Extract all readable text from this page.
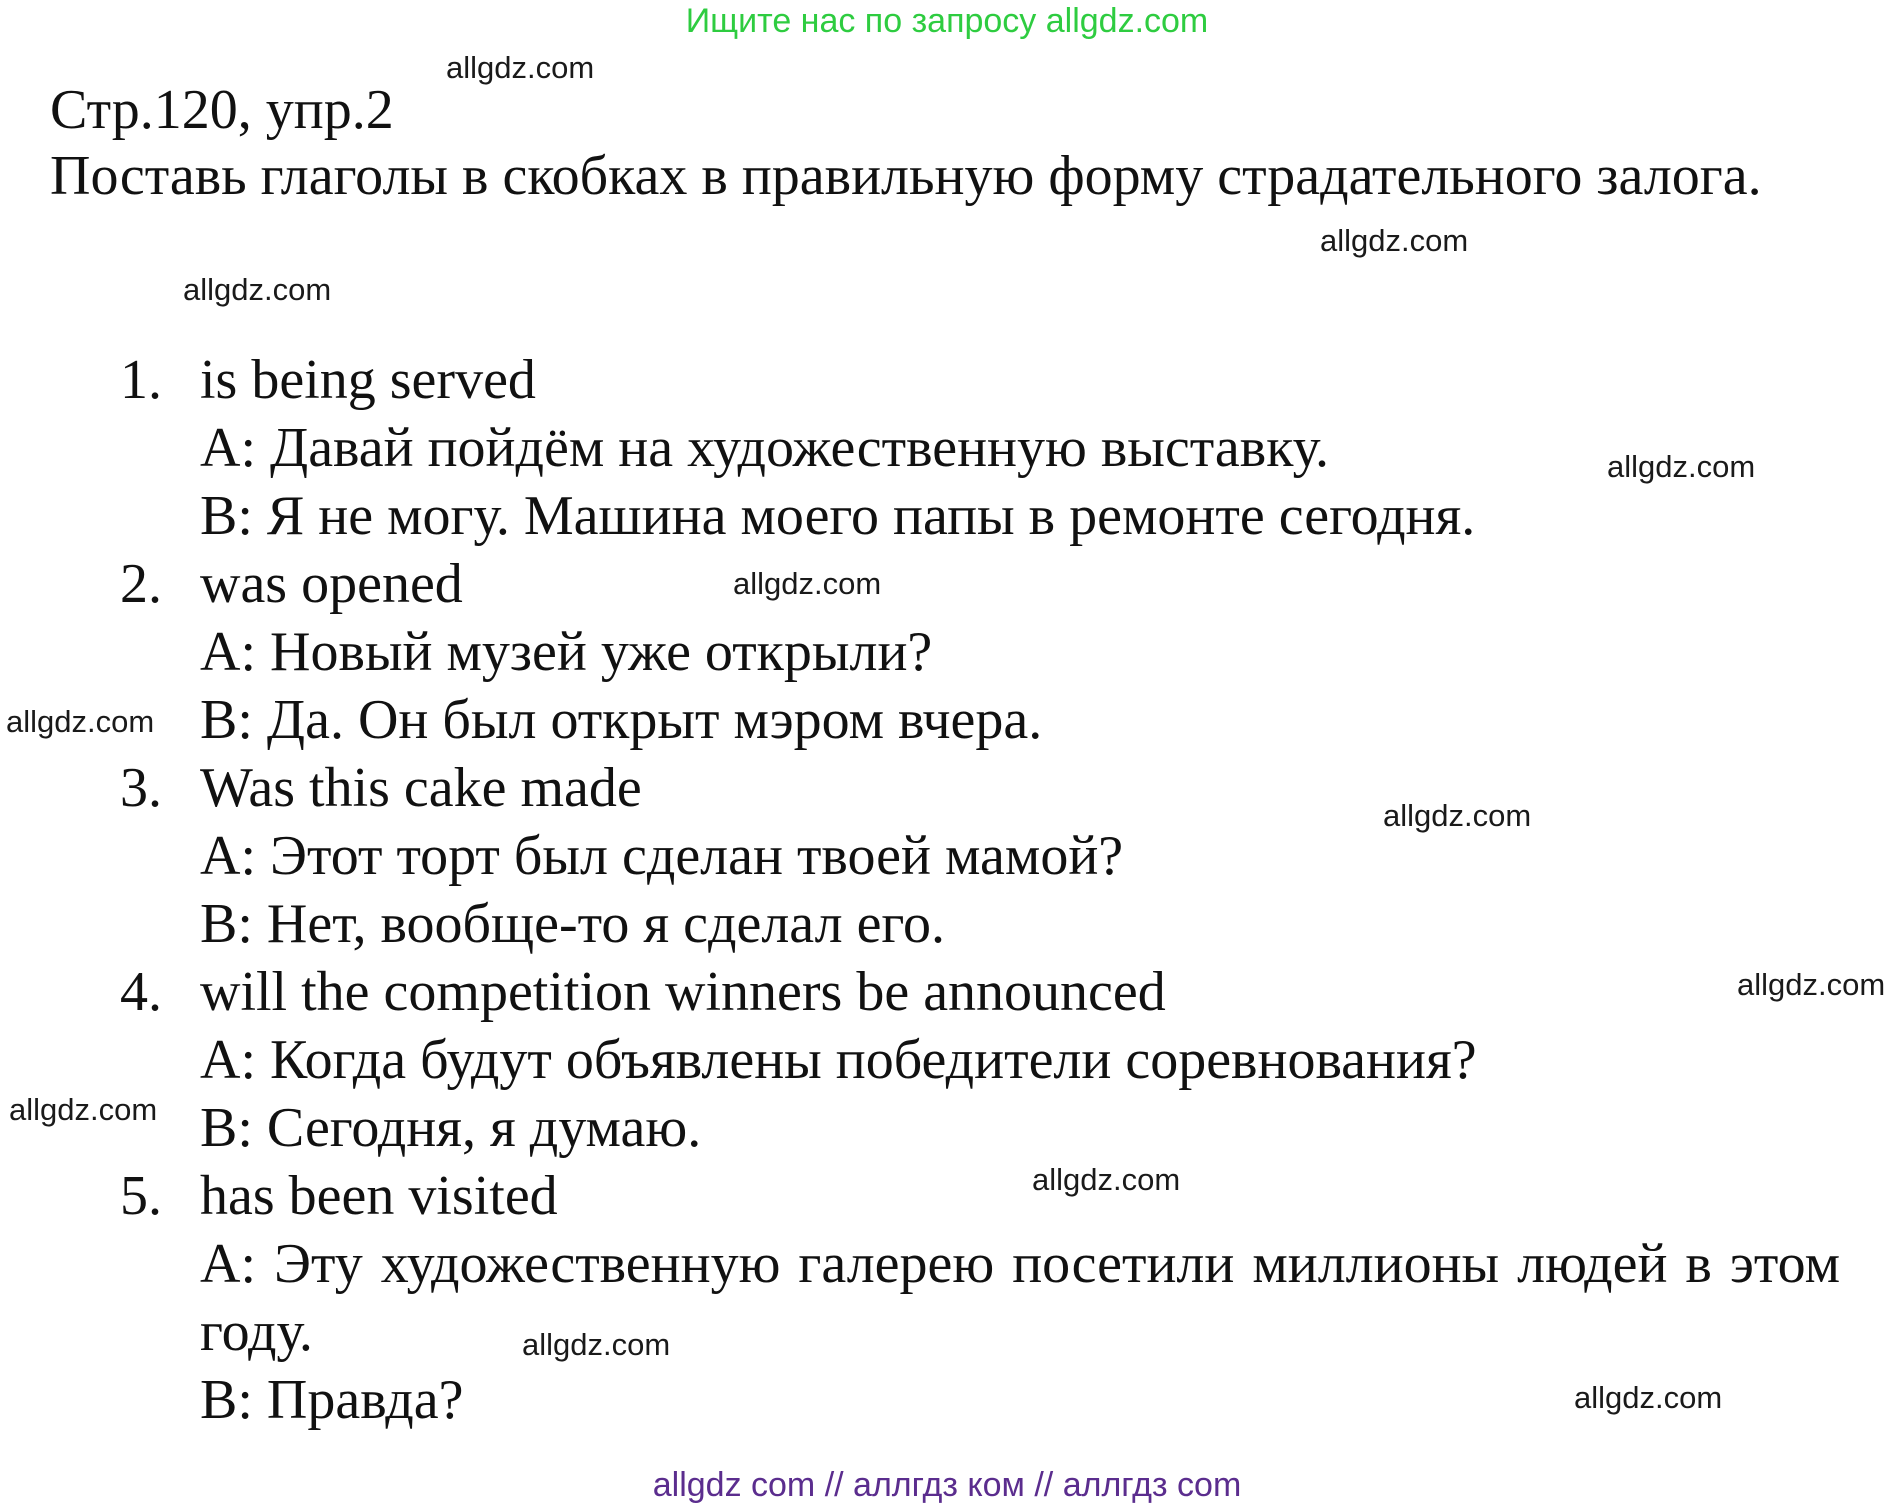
Ищите нас по запросу allgdz.com
Стр.120, упр.2

Поставь глаголы в скобках в правильную форму страдательного залога.

1. is being served
A: Давай пойдём на художественную выставку.
B: Я не могу. Машина моего папы в ремонте сегодня.
2. was opened
A: Новый музей уже открыли?
B: Да. Он был открыт мэром вчера.
3. Was this cake made
A: Этот торт был сделан твоей мамой?
B: Нет, вообще-то я сделал его.
4. will the competition winners be announced
A: Когда будут объявлены победители соревнования?
B: Сегодня, я думаю.
5. has been visited
A: Эту художественную галерею посетили миллионы людей в этом году.
B: Правда?
allgdz.com
allgdz.com
allgdz.com
allgdz.com
allgdz.com
allgdz.com
allgdz.com
allgdz.com
allgdz.com
allgdz.com
allgdz.com
allgdz.com
allgdz com // аллгдз ком // аллгдз com
